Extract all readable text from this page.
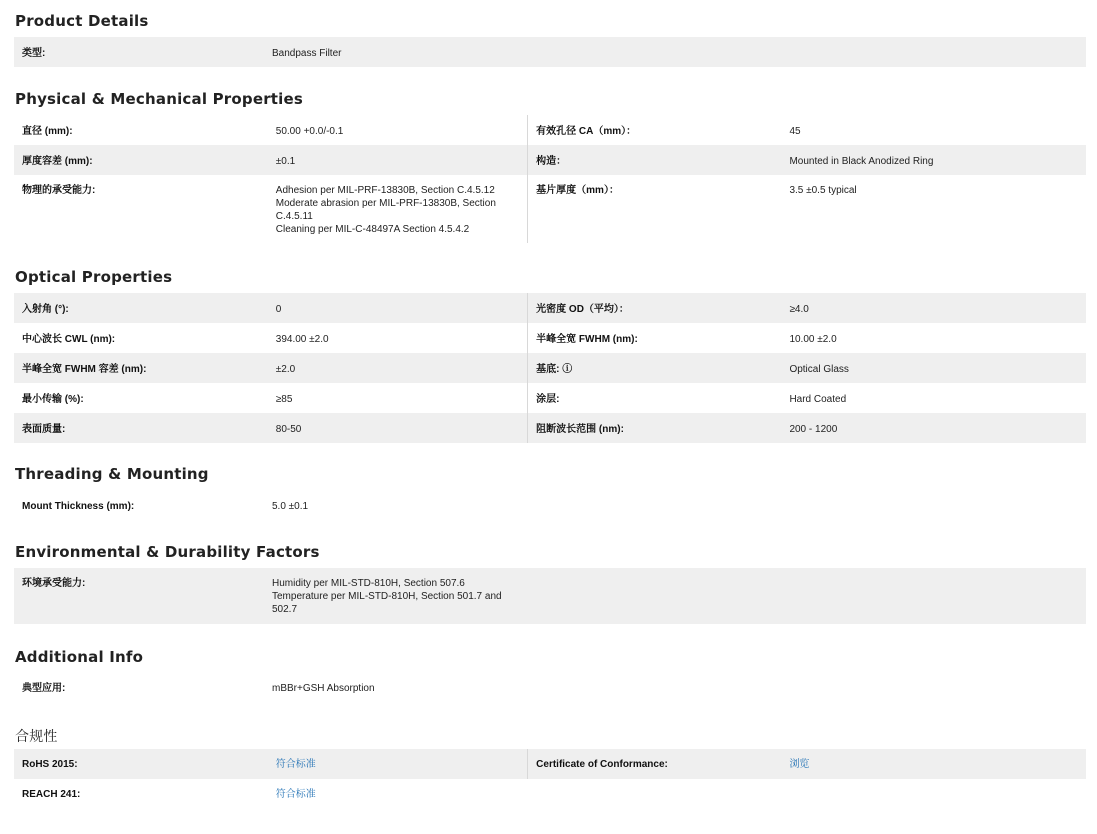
Product Details
类型:	Bandpass Filter
Physical & Mechanical Properties
直径 (mm):	50.00 +0.0/-0.1	有效孔径 CA（mm）：	45
厚度容差 (mm):	±0.1	构造：	Mounted in Black Anodized Ring
物理的承受能力:	Adhesion per MIL-PRF-13830B, Section C.4.5.12
Moderate abrasion per MIL-PRF-13830B, Section
C.4.5.11
Cleaning per MIL-C-48497A Section 4.5.4.2	基片厚度（mm）：	3.5 ±0.5 typical
Optical Properties
入射角 (°):	0	光密度 OD（平均）：	≥4.0
中心波长 CWL (nm):	394.00 ±2.0	半峰全宽 FWHM (nm):	10.00 ±2.0
半峰全宽 FWHM 容差 (nm):	±2.0	基底: ⓘ	Optical Glass
最小传输 (%):	≥85	涂层:	Hard Coated
表面质量:	80-50	阻断波长范围 (nm):	200 - 1200
Threading & Mounting
Mount Thickness (mm):	5.0 ±0.1
Environmental & Durability Factors
环境承受能力:	Humidity per MIL-STD-810H, Section 507.6
Temperature per MIL-STD-810H, Section 501.7 and
502.7

Additional Info
典型应用:	mBBr+GSH Absorption
合规性
RoHS 2015:	符合标准	Certificate of Conformance:	浏览
REACH 241:	符合标准		
